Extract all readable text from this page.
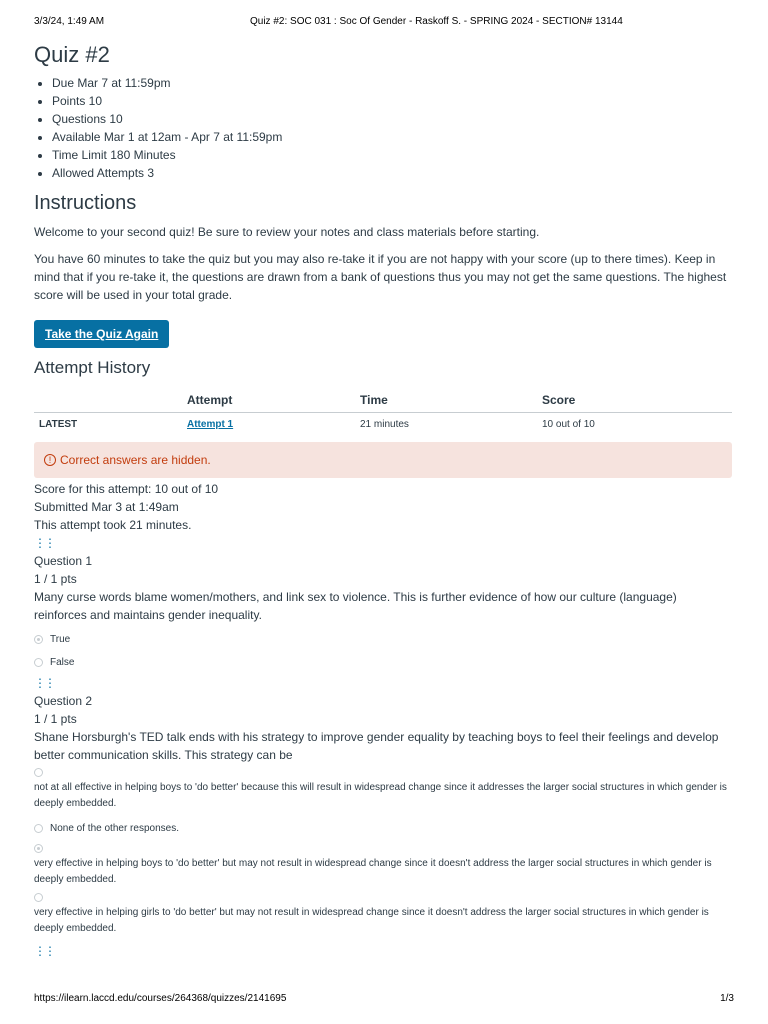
3/3/24, 1:49 AM	Quiz #2: SOC 031 : Soc Of Gender - Raskoff S. - SPRING 2024 - SECTION# 13144
Quiz #2
• Due Mar 7 at 11:59pm
• Points 10
• Questions 10
• Available Mar 1 at 12am - Apr 7 at 11:59pm
• Time Limit 180 Minutes
• Allowed Attempts 3
Instructions

Welcome to your second quiz! Be sure to review your notes and class materials before starting.

You have 60 minutes to take the quiz but you may also re-take it if you are not happy with your score (up to there times). Keep in mind that if you re-take it, the questions are drawn from a bank of questions thus you may not get the same questions. The highest score will be used in your total grade.

Take the Quiz Again
Attempt History
	Attempt	Time	Score
LATEST	Attempt 1	21 minutes	10 out of 10
! Correct answers are hidden.
Score for this attempt: 10 out of 10
Submitted Mar 3 at 1:49am
This attempt took 21 minutes.
⋮⋮
Question 1
1 / 1 pts
Many curse words blame women/mothers, and link sex to violence. This is further evidence of how our culture (language) reinforces and maintains gender inequality.
True
False
⋮⋮
Question 2
1 / 1 pts
Shane Horsburgh's TED talk ends with his strategy to improve gender equality by teaching boys to feel their feelings and develop better communication skills. This strategy can be
not at all effective in helping boys to 'do better' because this will result in widespread change since it addresses the larger social structures in which gender is deeply embedded.
None of the other responses.
very effective in helping boys to 'do better' but may not result in widespread change since it doesn't address the larger social structures in which gender is deeply embedded.
very effective in helping girls to 'do better' but may not result in widespread change since it doesn't address the larger social structures in which gender is deeply embedded.
⋮⋮
https://ilearn.laccd.edu/courses/264368/quizzes/2141695	1/3
